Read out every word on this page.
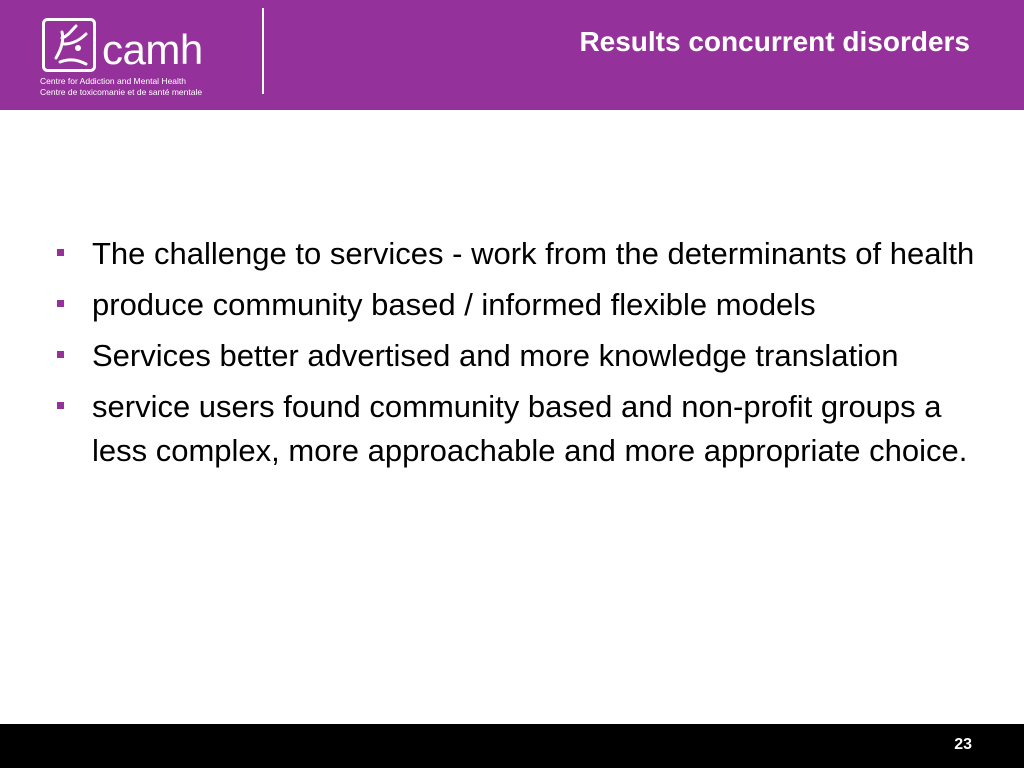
camh
Centre for Addiction and Mental Health
Centre de toxicomanie et de santé mentale
Results concurrent disorders
The challenge to services - work from the determinants of health
produce community based / informed flexible models
Services better advertised and more knowledge translation
service users found community based and non-profit groups a less complex, more approachable and more appropriate choice.
23
